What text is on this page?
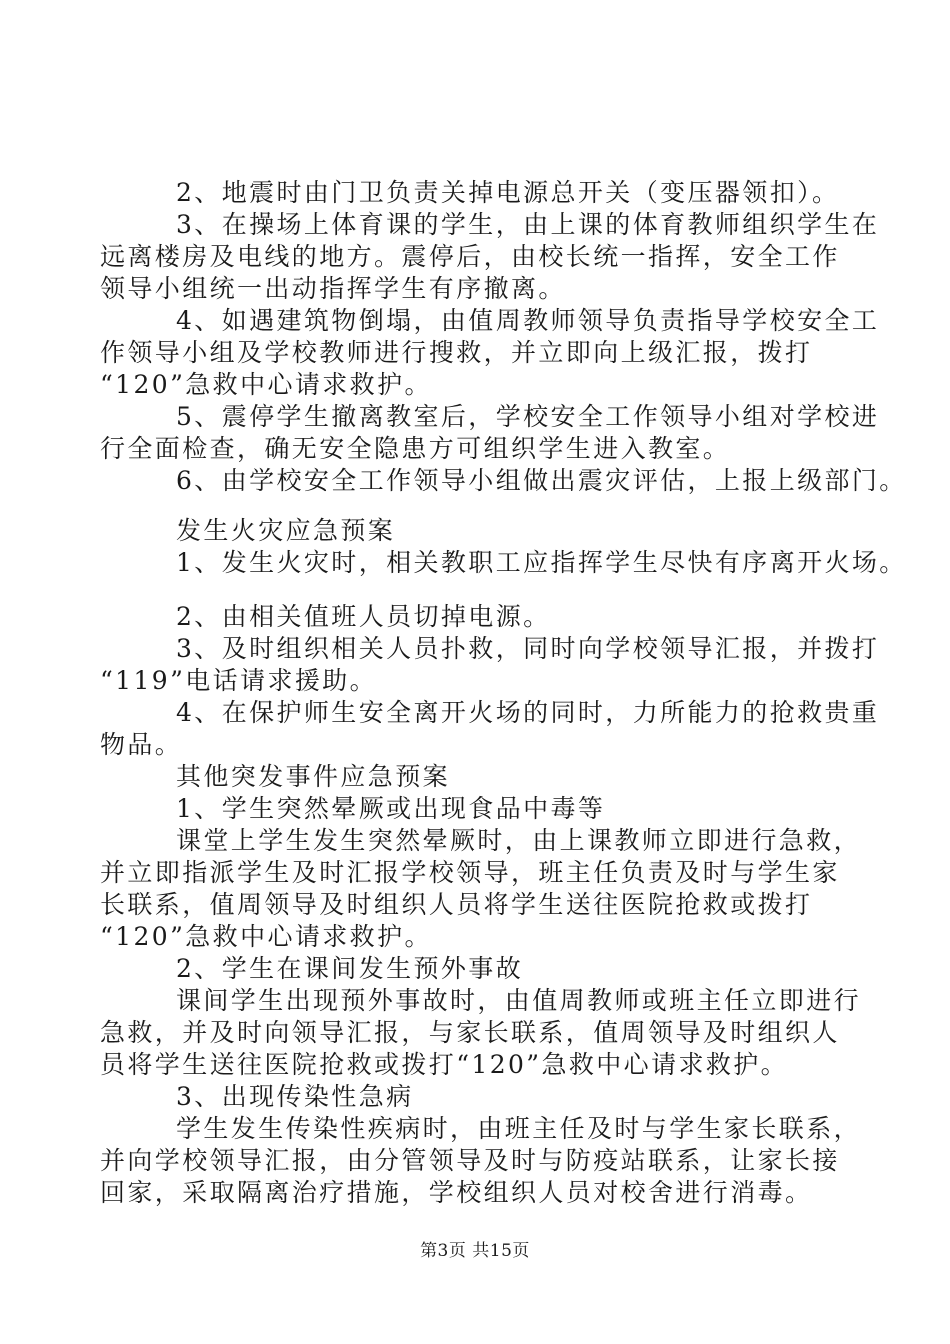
2、地震时由门卫负责关掉电源总开关（变压器领扣）。
3、在操场上体育课的学生，由上课的体育教师组织学生在
远离楼房及电线的地方。震停后，由校长统一指挥，安全工作
领导小组统一出动指挥学生有序撤离。
4、如遇建筑物倒塌，由值周教师领导负责指导学校安全工
作领导小组及学校教师进行搜救，并立即向上级汇报，拨打
“120”急救中心请求救护。
5、震停学生撤离教室后，学校安全工作领导小组对学校进
行全面检查，确无安全隐患方可组织学生进入教室。
6、由学校安全工作领导小组做出震灾评估，上报上级部门。
发生火灾应急预案
1、发生火灾时，相关教职工应指挥学生尽快有序离开火场。
2、由相关值班人员切掉电源。
3、及时组织相关人员扑救，同时向学校领导汇报，并拨打
“119”电话请求援助。
4、在保护师生安全离开火场的同时，力所能力的抢救贵重
物品。
其他突发事件应急预案
1、学生突然晕厥或出现食品中毒等
课堂上学生发生突然晕厥时，由上课教师立即进行急救，
并立即指派学生及时汇报学校领导，班主任负责及时与学生家
长联系，值周领导及时组织人员将学生送往医院抢救或拨打
“120”急救中心请求救护。
2、学生在课间发生预外事故
课间学生出现预外事故时，由值周教师或班主任立即进行
急救，并及时向领导汇报，与家长联系，值周领导及时组织人
员将学生送往医院抢救或拨打“120”急救中心请求救护。
3、出现传染性急病
学生发生传染性疾病时，由班主任及时与学生家长联系，
并向学校领导汇报，由分管领导及时与防疫站联系，让家长接
回家，采取隔离治疗措施，学校组织人员对校舍进行消毒。
第3页 共15页
